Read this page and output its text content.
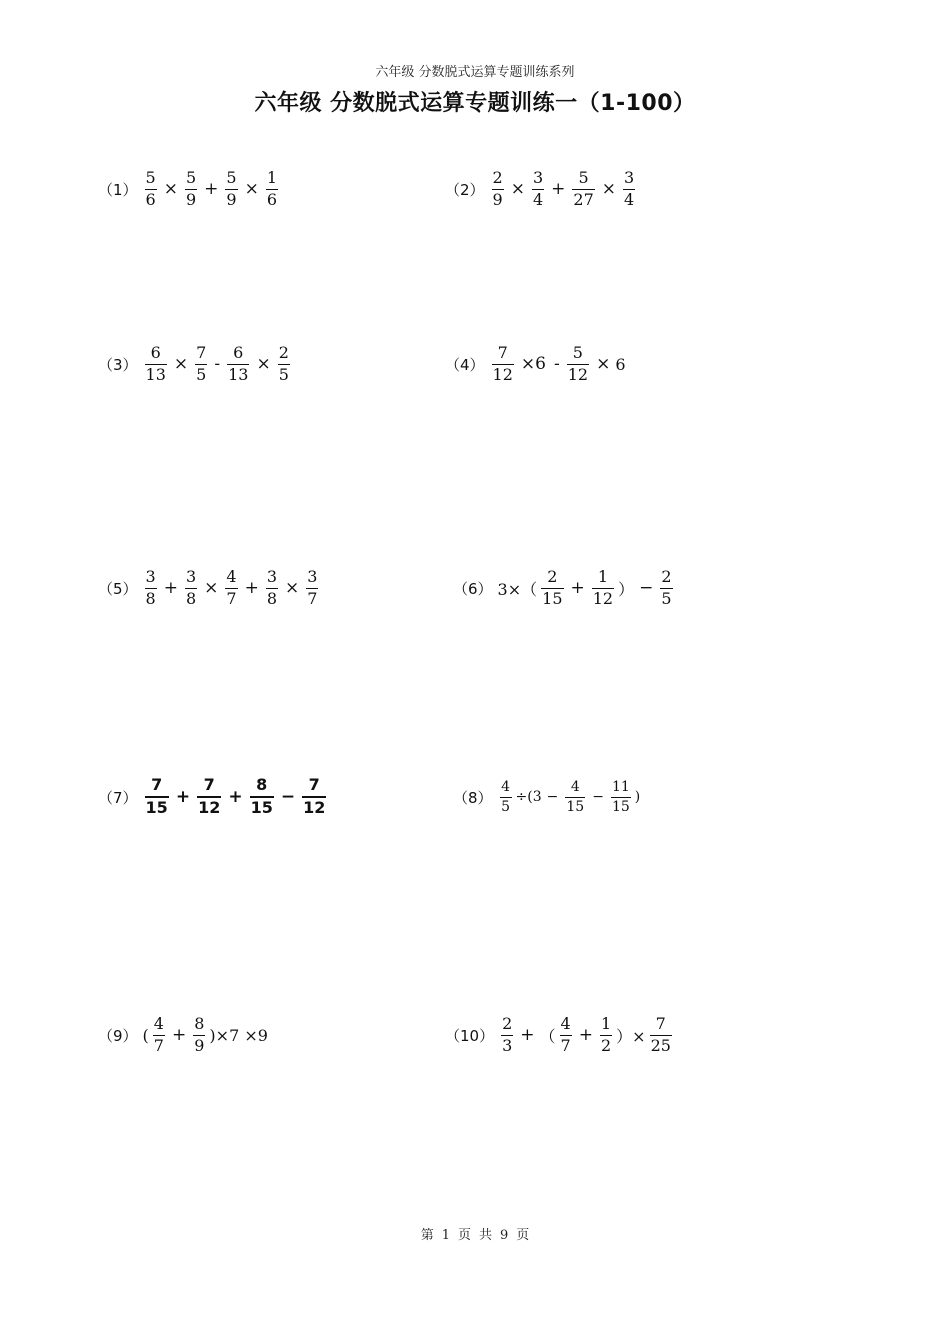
六年级 分数脱式运算专题训练系列
六年级 分数脱式运算专题训练一（1-100）
$(1) \frac{5}{6} \times \frac{5}{9} + \frac{5}{9} \times \frac{1}{6}$	$(2) \frac{2}{9} \times \frac{3}{4} + \frac{5}{27} \times \frac{3}{4}$
$(3) \frac{6}{13} \times \frac{7}{5} - \frac{6}{13} \times \frac{2}{5}$	$(4) \frac{7}{12} \times 6 - \frac{5}{12} \times 6$
$(5) \frac{3}{8} + \frac{3}{8} \times \frac{4}{7} + \frac{3}{8} \times \frac{3}{7}$	（6） $3\times( \frac{2}{15} + \frac{1}{12}$ ） − $\frac{2}{5}$
$(7) \frac{7}{15} + \frac{7}{12} + \frac{8}{15} - \frac{7}{12}$	$(8) \frac{4}{5} \div(3 - \frac{4}{15} - \frac{11}{15}$ )
（9） ( $\frac{4}{7} + \frac{8}{9} )\times 7 \times 9$	$(10) \frac{2}{3}$ + （ $\frac{4}{7} + \frac{1}{2}$ ）× $\frac{7}{25}$
第 1 页 共 9 页
